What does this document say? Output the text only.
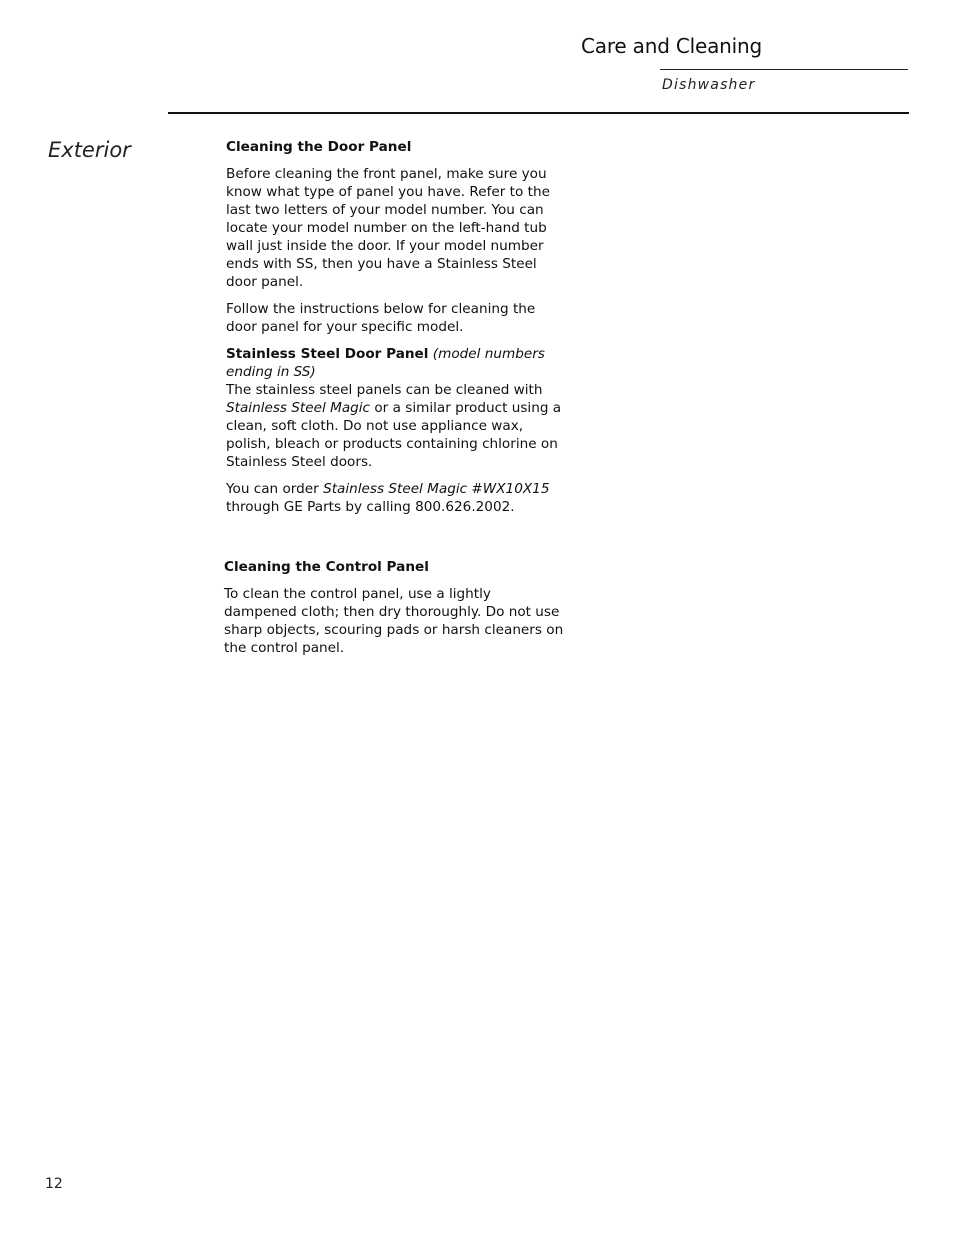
Care and Cleaning
Dishwasher
Exterior	Cleaning the Door Panel

Before cleaning the front panel, make sure you know what type of panel you have. Refer to the last two letters of your model number. You can locate your model number on the left-hand tub wall just inside the door. If your model number ends with SS, then you have a Stainless Steel door panel.

Follow the instructions below for cleaning the door panel for your specific model.

Stainless Steel Door Panel (model numbers ending in SS)

The stainless steel panels can be cleaned with Stainless Steel Magic or a similar product using a clean, soft cloth. Do not use appliance wax, polish, bleach or products containing chlorine on Stainless Steel doors.

You can order Stainless Steel Magic #WX10X15 through GE Parts by calling 800.626.2002.

Cleaning the Control Panel

To clean the control panel, use a lightly dampened cloth; then dry thoroughly. Do not use sharp objects, scouring pads or harsh cleaners on the control panel.

12
